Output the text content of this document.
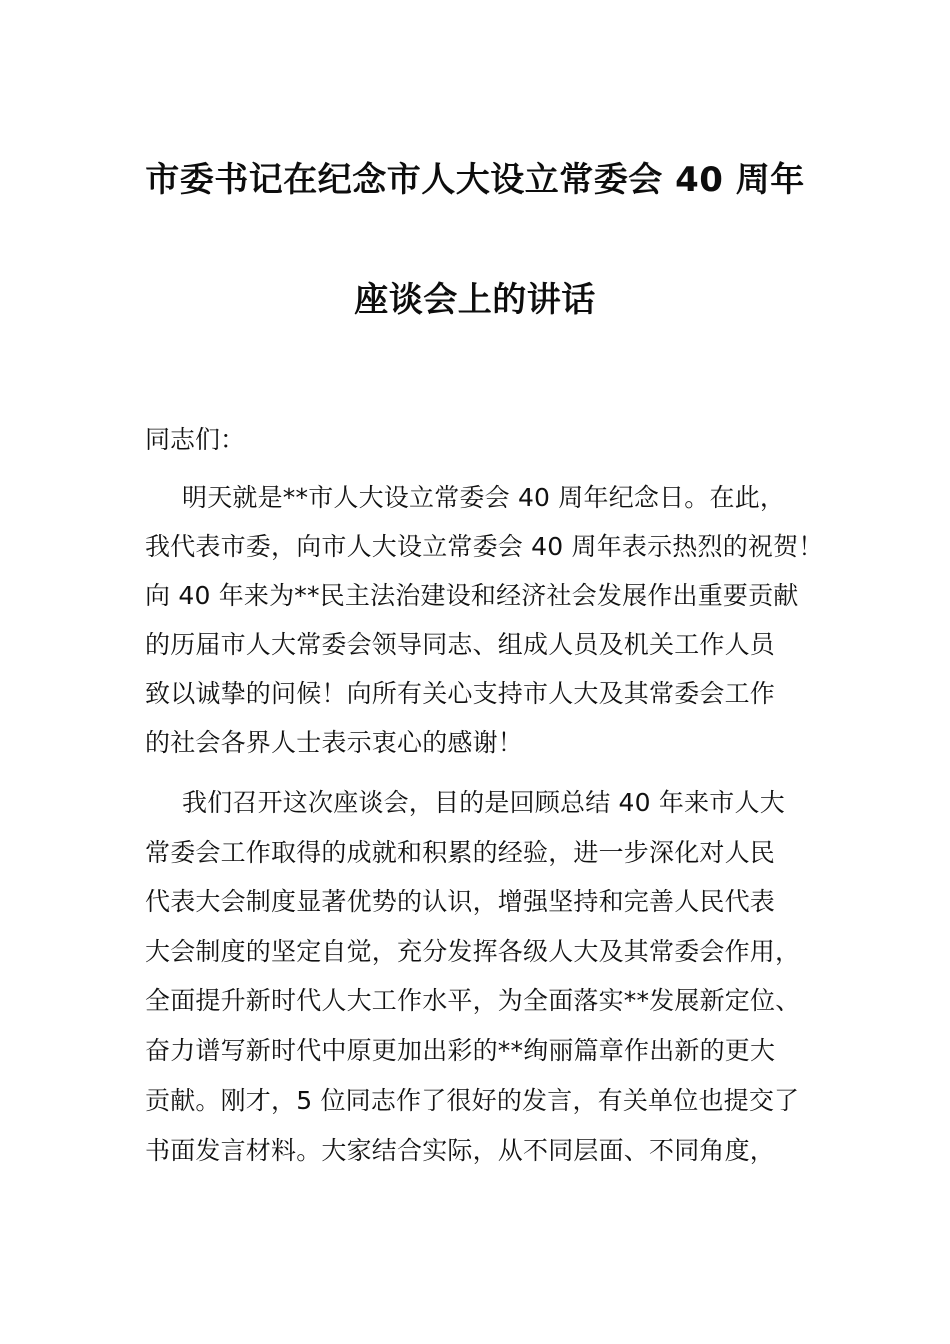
市委书记在纪念市人大设立常委会 40 周年
座谈会上的讲话
同志们：
明天就是**市人大设立常委会 40 周年纪念日。在此，
我代表市委，向市人大设立常委会 40 周年表示热烈的祝贺！
向 40 年来为**民主法治建设和经济社会发展作出重要贡献
的历届市人大常委会领导同志、组成人员及机关工作人员
致以诚挚的问候！向所有关心支持市人大及其常委会工作
的社会各界人士表示衷心的感谢！
我们召开这次座谈会，目的是回顾总结 40 年来市人大
常委会工作取得的成就和积累的经验，进一步深化对人民
代表大会制度显著优势的认识，增强坚持和完善人民代表
大会制度的坚定自觉，充分发挥各级人大及其常委会作用，
全面提升新时代人大工作水平，为全面落实**发展新定位、
奋力谱写新时代中原更加出彩的**绚丽篇章作出新的更大
贡献。刚才，5 位同志作了很好的发言，有关单位也提交了
书面发言材料。大家结合实际，从不同层面、不同角度，
